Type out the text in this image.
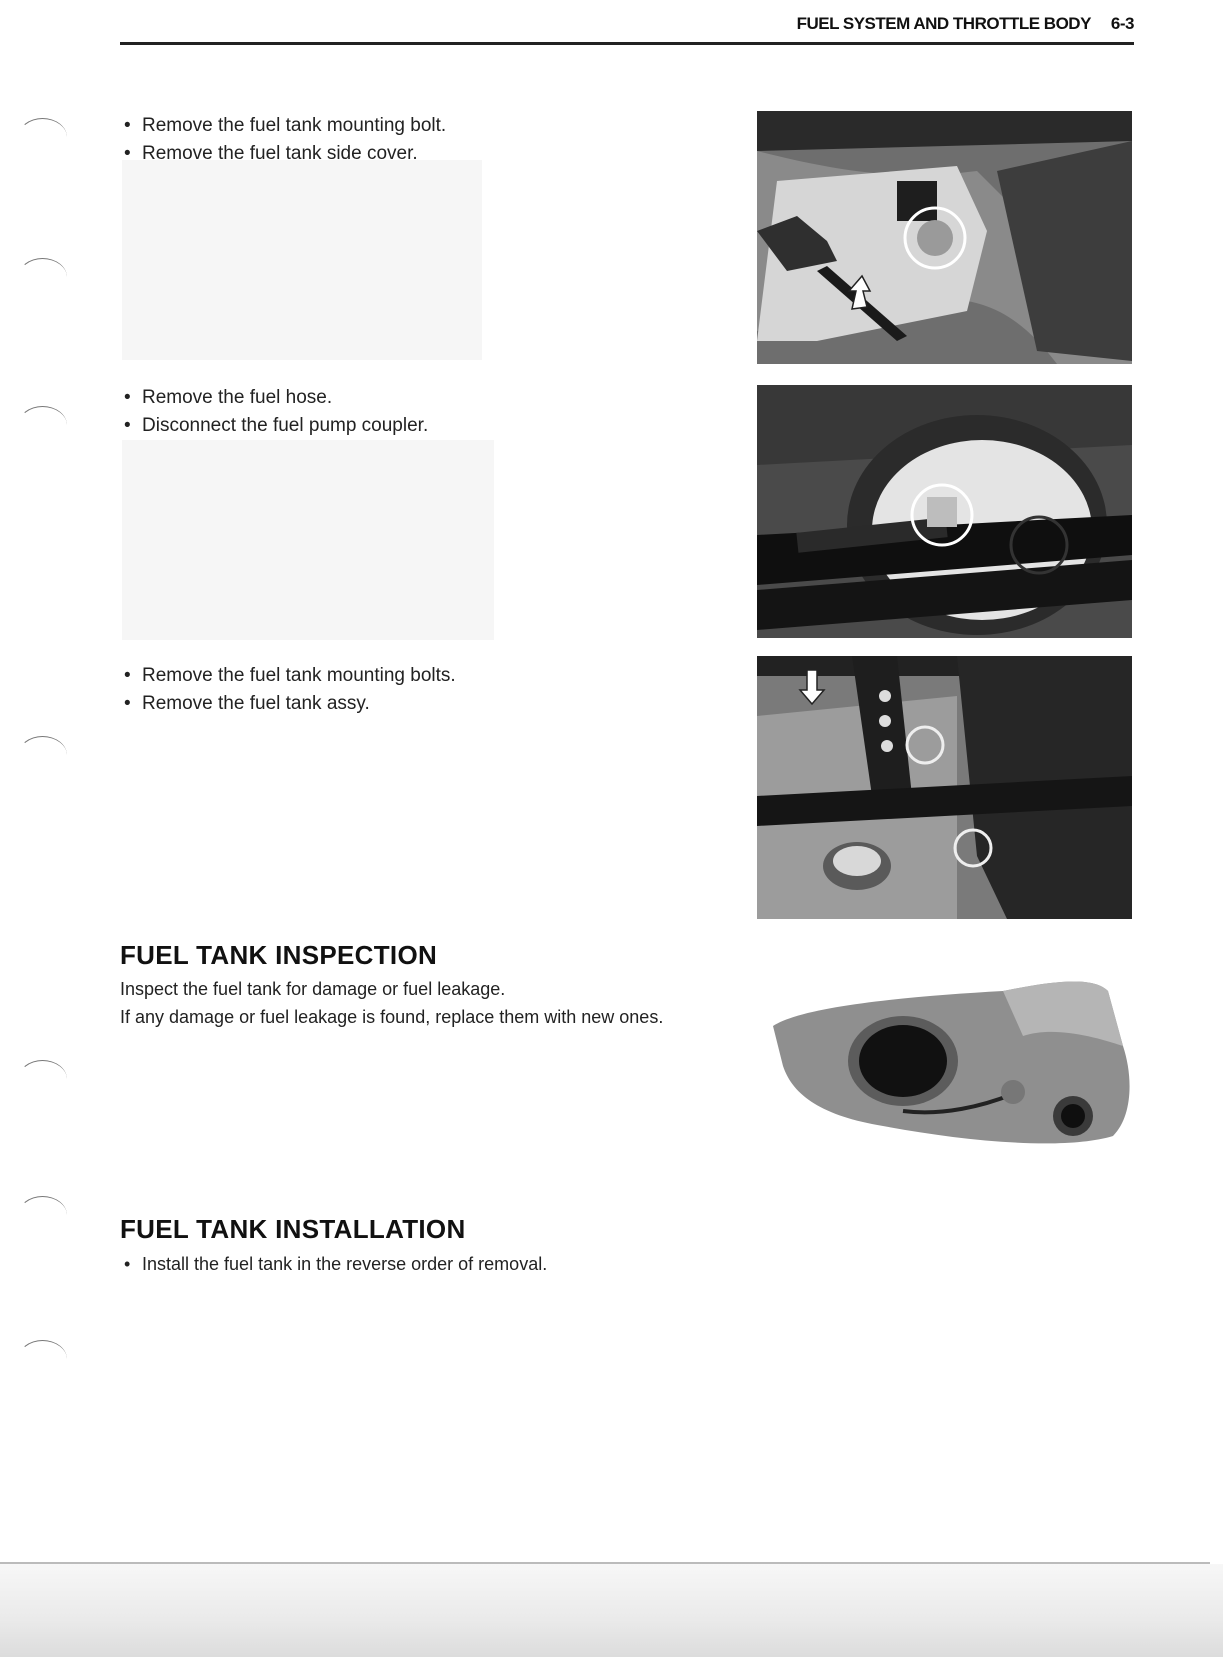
FUEL SYSTEM AND THROTTLE BODY 6-3
• Remove the fuel tank mounting bolt.
• Remove the fuel tank side cover.
• Remove the fuel hose.
• Disconnect the fuel pump coupler.
• Remove the fuel tank mounting bolts.
• Remove the fuel tank assy.
FUEL TANK INSPECTION

Inspect the fuel tank for damage or fuel leakage.

If any damage or fuel leakage is found, replace them with new ones.

FUEL TANK INSTALLATION
• Install the fuel tank in the reverse order of removal.
